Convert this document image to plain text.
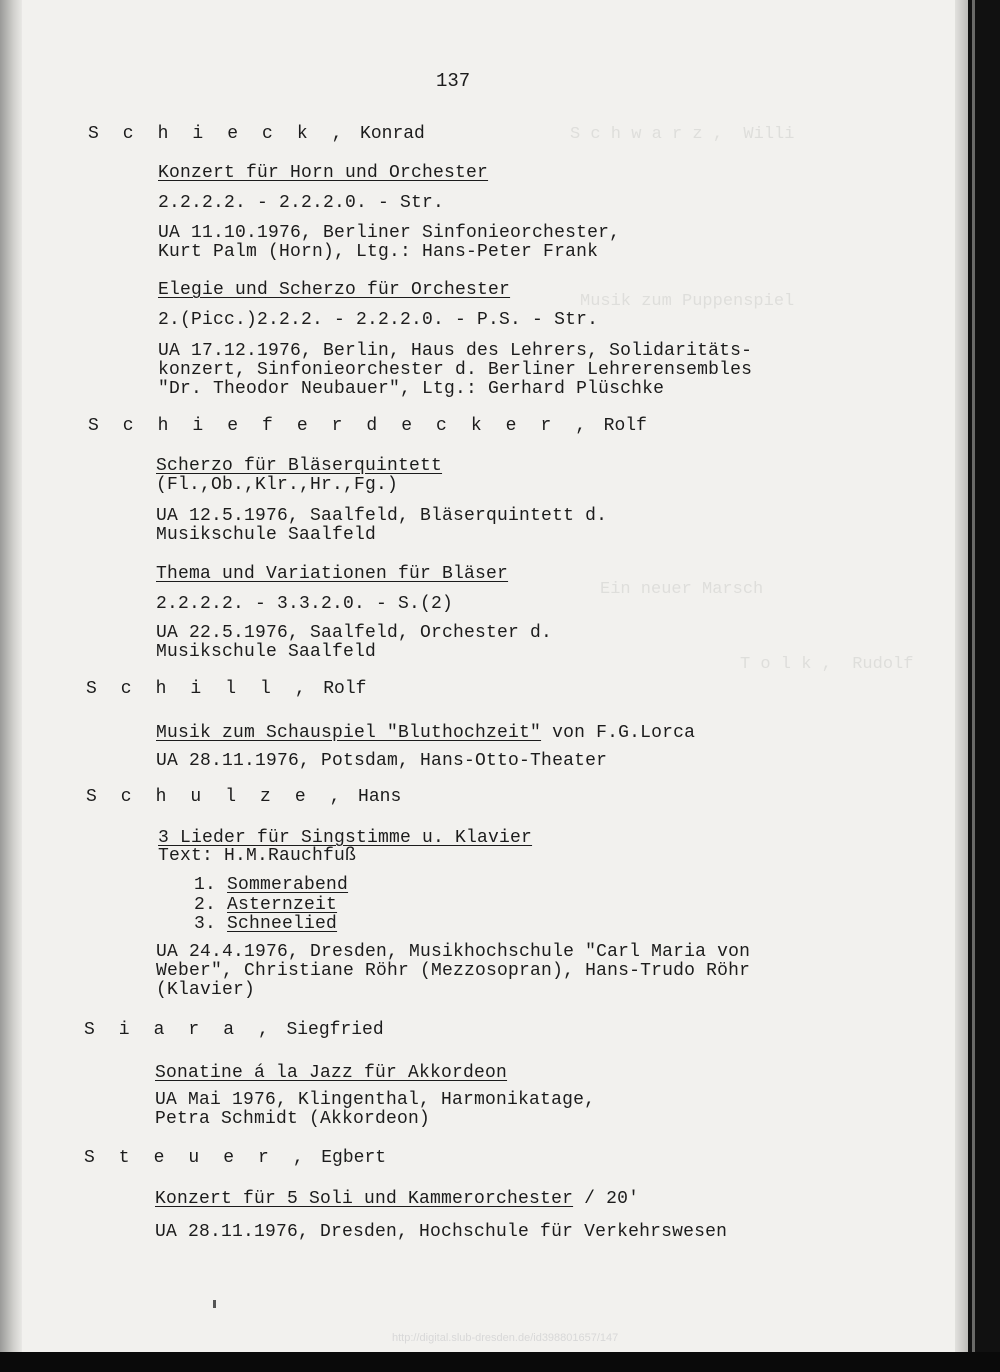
S c h w a r z ,  Willi
Musik zum Puppenspiel
Ein neuer Marsch
T o l k ,  Rudolf
137
S c h i e c k , Konrad
Konzert für Horn und Orchester
2.2.2.2. - 2.2.2.0. - Str.
UA 11.10.1976, Berliner Sinfonieorchester,
Kurt Palm (Horn), Ltg.: Hans-Peter Frank
Elegie und Scherzo für Orchester
2.(Picc.)2.2.2. - 2.2.2.0. - P.S. - Str.
UA 17.12.1976, Berlin, Haus des Lehrers, Solidaritäts-
konzert, Sinfonieorchester d. Berliner Lehrerensembles
"Dr. Theodor Neubauer", Ltg.: Gerhard Plüschke
S c h i e f e r d e c k e r , Rolf
Scherzo für Bläserquintett
(Fl.,Ob.,Klr.,Hr.,Fg.)
UA 12.5.1976, Saalfeld, Bläserquintett d.
Musikschule Saalfeld
Thema und Variationen für Bläser
2.2.2.2. - 3.3.2.0. - S.(2)
UA 22.5.1976, Saalfeld, Orchester d.
Musikschule Saalfeld
S c h i l l , Rolf
Musik zum Schauspiel "Bluthochzeit" von F.G.Lorca
UA 28.11.1976, Potsdam, Hans-Otto-Theater
S c h u l z e , Hans
3 Lieder für Singstimme u. Klavier
Text: H.M.Rauchfuß
1. Sommerabend
2. Asternzeit
3. Schneelied
UA 24.4.1976, Dresden, Musikhochschule "Carl Maria von
Weber", Christiane Röhr (Mezzosopran), Hans-Trudo Röhr
(Klavier)
S i a r a , Siegfried
Sonatine á la Jazz für Akkordeon
UA Mai 1976, Klingenthal, Harmonikatage,
Petra Schmidt (Akkordeon)
S t e u e r , Egbert
Konzert für 5 Soli und Kammerorchester / 20'
UA 28.11.1976, Dresden, Hochschule für Verkehrswesen
http://digital.slub-dresden.de/id398801657/147
